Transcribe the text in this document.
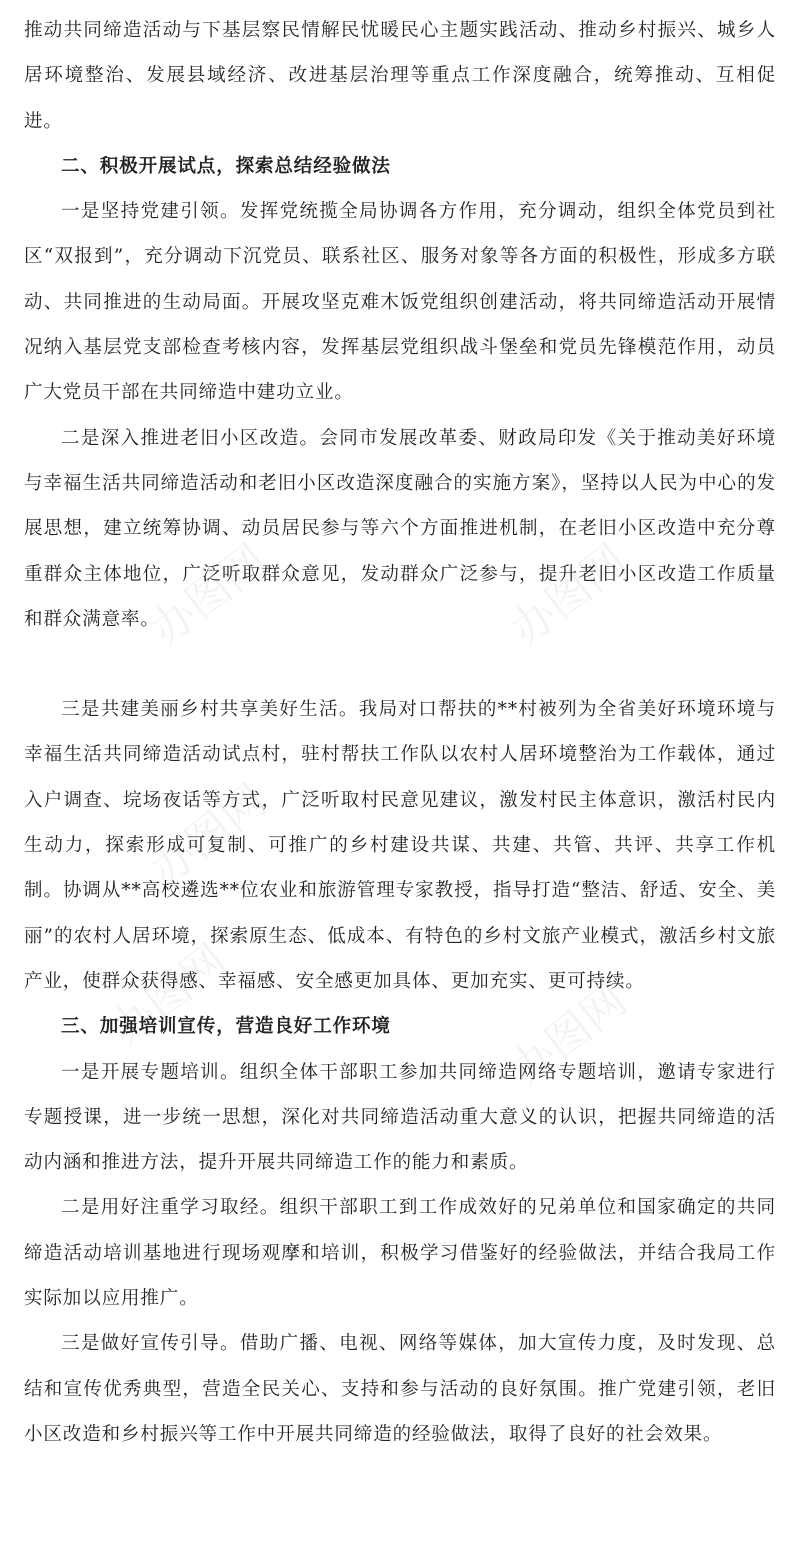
推动共同缔造活动与下基层察民情解民忧暖民心主题实践活动、推动乡村振兴、城乡人居环境整治、发展县域经济、改进基层治理等重点工作深度融合，统筹推动、互相促进。

二、积极开展试点，探索总结经验做法

一是坚持党建引领。发挥党统揽全局协调各方作用，充分调动，组织全体党员到社区“双报到”，充分调动下沉党员、联系社区、服务对象等各方面的积极性，形成多方联动、共同推进的生动局面。开展攻坚克难木饭党组织创建活动，将共同缔造活动开展情况纳入基层党支部检查考核内容，发挥基层党组织战斗堡垒和党员先锋模范作用，动员广大党员干部在共同缔造中建功立业。

二是深入推进老旧小区改造。会同市发展改革委、财政局印发《关于推动美好环境与幸福生活共同缔造活动和老旧小区改造深度融合的实施方案》，坚持以人民为中心的发展思想，建立统筹协调、动员居民参与等六个方面推进机制，在老旧小区改造中充分尊重群众主体地位，广泛听取群众意见，发动群众广泛参与，提升老旧小区改造工作质量和群众满意率。

三是共建美丽乡村共享美好生活。我局对口帮扶的**村被列为全省美好环境环境与幸福生活共同缔造活动试点村，驻村帮扶工作队以农村人居环境整治为工作载体，通过入户调查、垸场夜话等方式，广泛听取村民意见建议，激发村民主体意识，激活村民内生动力，探索形成可复制、可推广的乡村建设共谋、共建、共管、共评、共享工作机制。协调从**高校遴选**位农业和旅游管理专家教授，指导打造“整洁、舒适、安全、美丽”的农村人居环境，探索原生态、低成本、有特色的乡村文旅产业模式，激活乡村文旅产业，使群众获得感、幸福感、安全感更加具体、更加充实、更可持续。

三、加强培训宣传，营造良好工作环境

一是开展专题培训。组织全体干部职工参加共同缔造网络专题培训，邀请专家进行专题授课，进一步统一思想，深化对共同缔造活动重大意义的认识，把握共同缔造的活动内涵和推进方法，提升开展共同缔造工作的能力和素质。

二是用好注重学习取经。组织干部职工到工作成效好的兄弟单位和国家确定的共同缔造活动培训基地进行现场观摩和培训，积极学习借鉴好的经验做法，并结合我局工作实际加以应用推广。

三是做好宣传引导。借助广播、电视、网络等媒体，加大宣传力度，及时发现、总结和宣传优秀典型，营造全民关心、支持和参与活动的良好氛围。推广党建引领，老旧小区改造和乡村振兴等工作中开展共同缔造的经验做法，取得了良好的社会效果。
